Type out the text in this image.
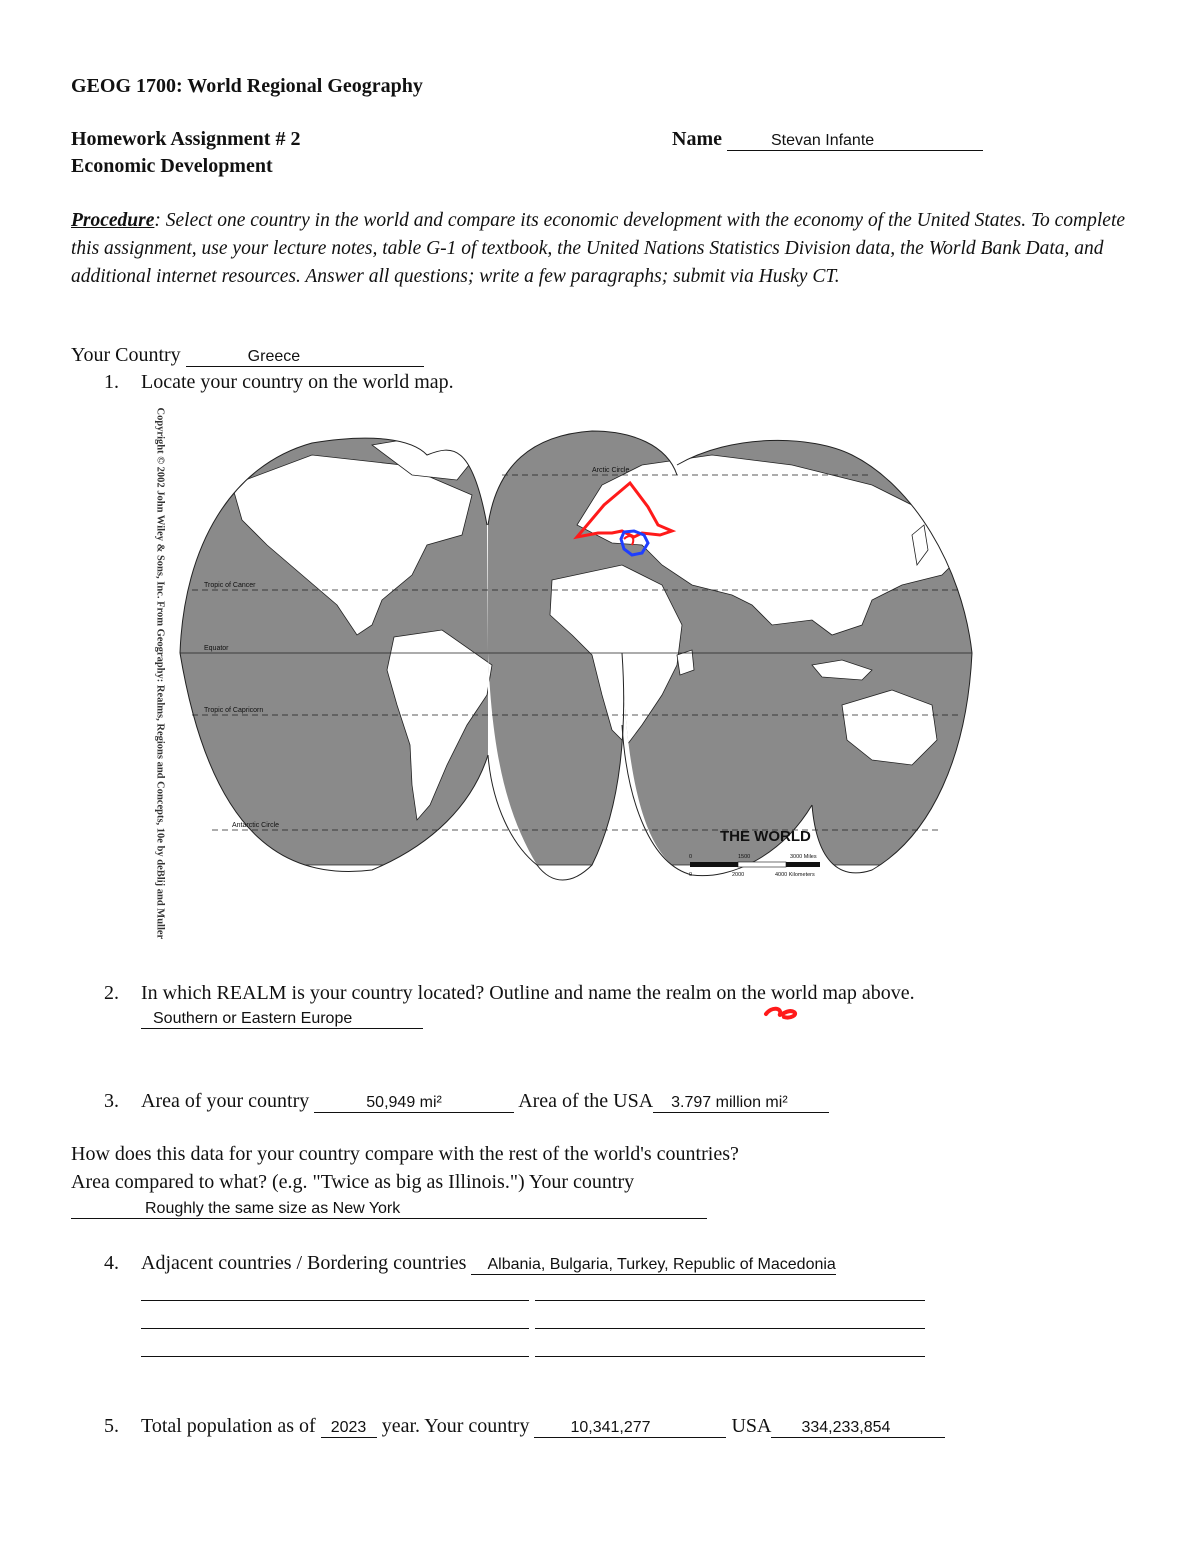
GEOG 1700: World Regional Geography
Homework Assignment # 2
Economic Development
Name	Stevan Infante
Procedure: Select one country in the world and compare its economic development with the economy of the United States. To complete this assignment, use your lecture notes, table G-1 of textbook, the United Nations Statistics Division data, the World Bank Data, and additional internet resources. Answer all questions; write a few paragraphs; submit via Husky CT.
Your Country	Greece
1. Locate your country on the world map.
Copyright © 2002 John Wiley & Sons, Inc. From Geography: Realms, Regions and Concepts, 10e by deBlij and Muller	Arctic Circle
Tropic of Cancer
Equator
Tropic of Capricorn
Antarctic Circle
THE WORLD
0	1500	3000 Miles
0	2000	4000 Kilometers
2. In which REALM is your country located? Outline and name the realm on the world map above.
Southern or Eastern Europe
3. Area of your country	50,949 mi²	Area of the USA 3.797 million mi²
How does this data for your country compare with the rest of the world's countries?
Area compared to what? (e.g. "Twice as big as Illinois.") Your country
Roughly the same size as New York
4. Adjacent countries / Bordering countries Albania, Bulgaria, Turkey, Republic of Macedonia
5. Total population as of 2023 year. Your country	10,341,277	USA 334,233,854
